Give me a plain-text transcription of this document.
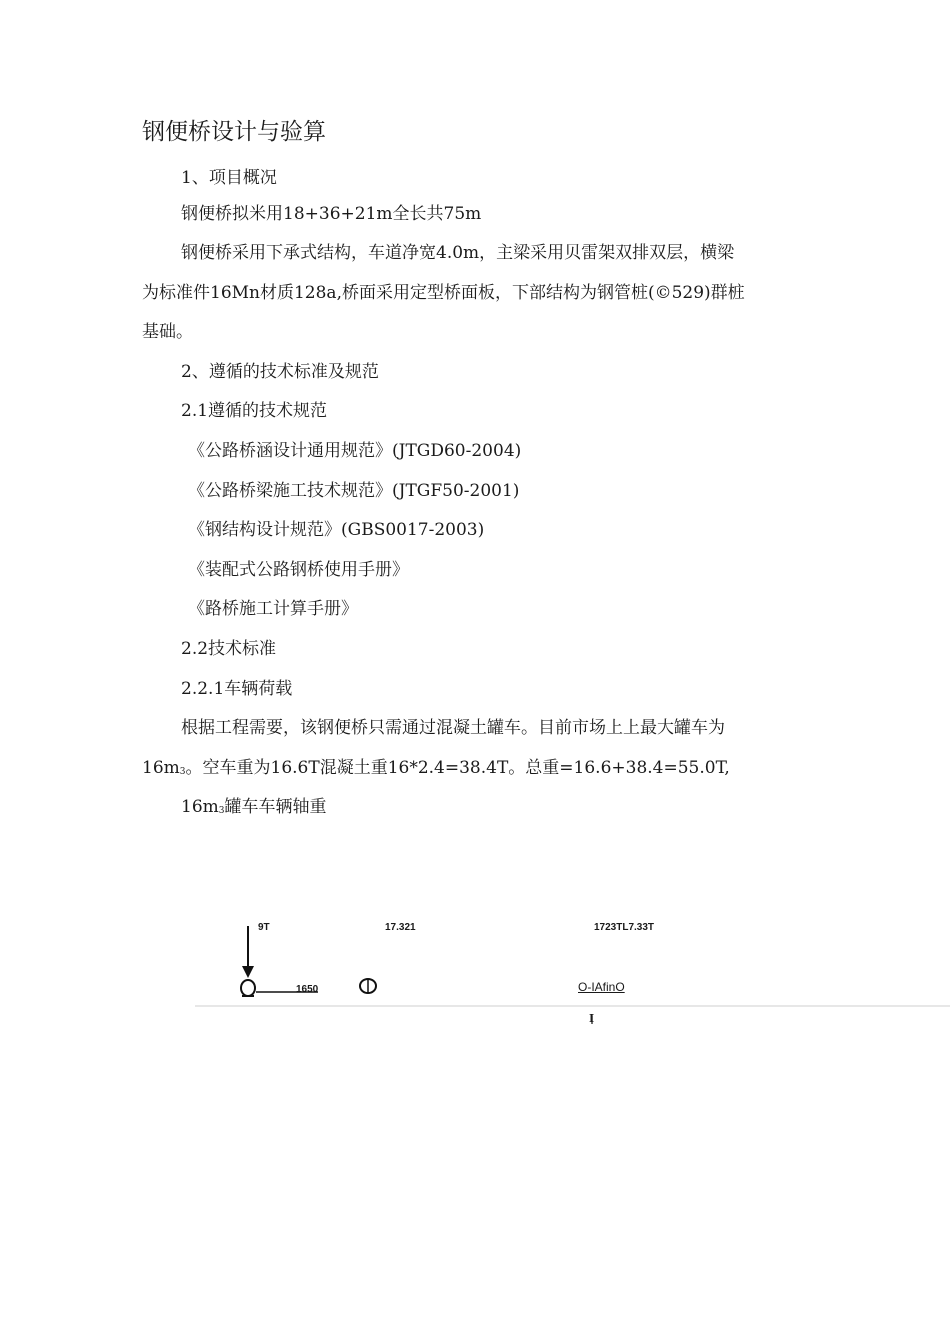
钢便桥设计与验算
1、项目概况
钢便桥拟米用18+36+21m全长共75m
钢便桥采用下承式结构，车道净宽4.0m，主梁采用贝雷架双排双层，横梁
为标准件16Mn材质128a,桥面采用定型桥面板，下部结构为钢管桩(©529)群桩
基础。
2、遵循的技术标准及规范
2.1遵循的技术规范
《公路桥涵设计通用规范》(JTGD60-2004)
《公路桥梁施工技术规范》(JTGF50-2001)
《钢结构设计规范》(GBS0017-2003)
《装配式公路钢桥使用手册》
《路桥施工计算手册》
2.2技术标准
2.2.1车辆荷载
根据工程需要，该钢便桥只需通过混凝土罐车。目前市场上上最大罐车为
16m3。空车重为16.6T混凝土重16*2.4=38.4T。总重=16.6+38.4=55.0T,
16m3罐车车辆轴重
9T	17.321	1723TL7.33T
1650	O-IAfinO
I
